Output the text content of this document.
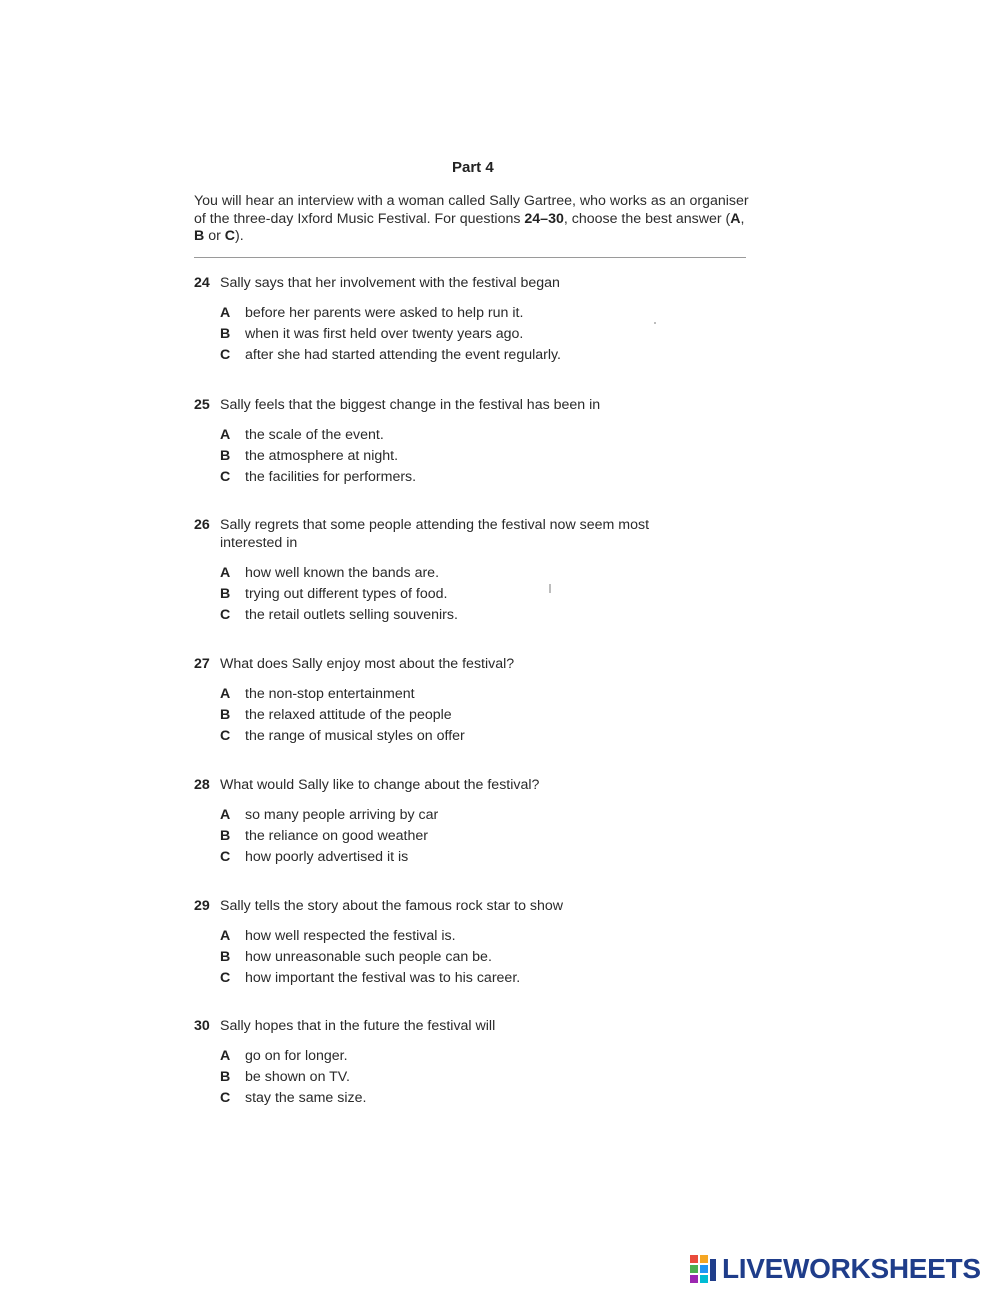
Part 4
You will hear an interview with a woman called Sally Gartree, who works as an organiser of the three-day Ixford Music Festival. For questions 24–30, choose the best answer (A, B or C).
24 Sally says that her involvement with the festival began
A	before her parents were asked to help run it.
B	when it was first held over twenty years ago.
C	after she had started attending the event regularly.
25 Sally feels that the biggest change in the festival has been in
A	the scale of the event.
B	the atmosphere at night.
C	the facilities for performers.
26 Sally regrets that some people attending the festival now seem most interested in
A	how well known the bands are.
B	trying out different types of food.
C	the retail outlets selling souvenirs.
27 What does Sally enjoy most about the festival?
A	the non-stop entertainment
B	the relaxed attitude of the people
C	the range of musical styles on offer
28 What would Sally like to change about the festival?
A	so many people arriving by car
B	the reliance on good weather
C	how poorly advertised it is
29 Sally tells the story about the famous rock star to show
A	how well respected the festival is.
B	how unreasonable such people can be.
C	how important the festival was to his career.
30 Sally hopes that in the future the festival will
A	go on for longer.
B	be shown on TV.
C	stay the same size.
LIVEWORKSHEETS
